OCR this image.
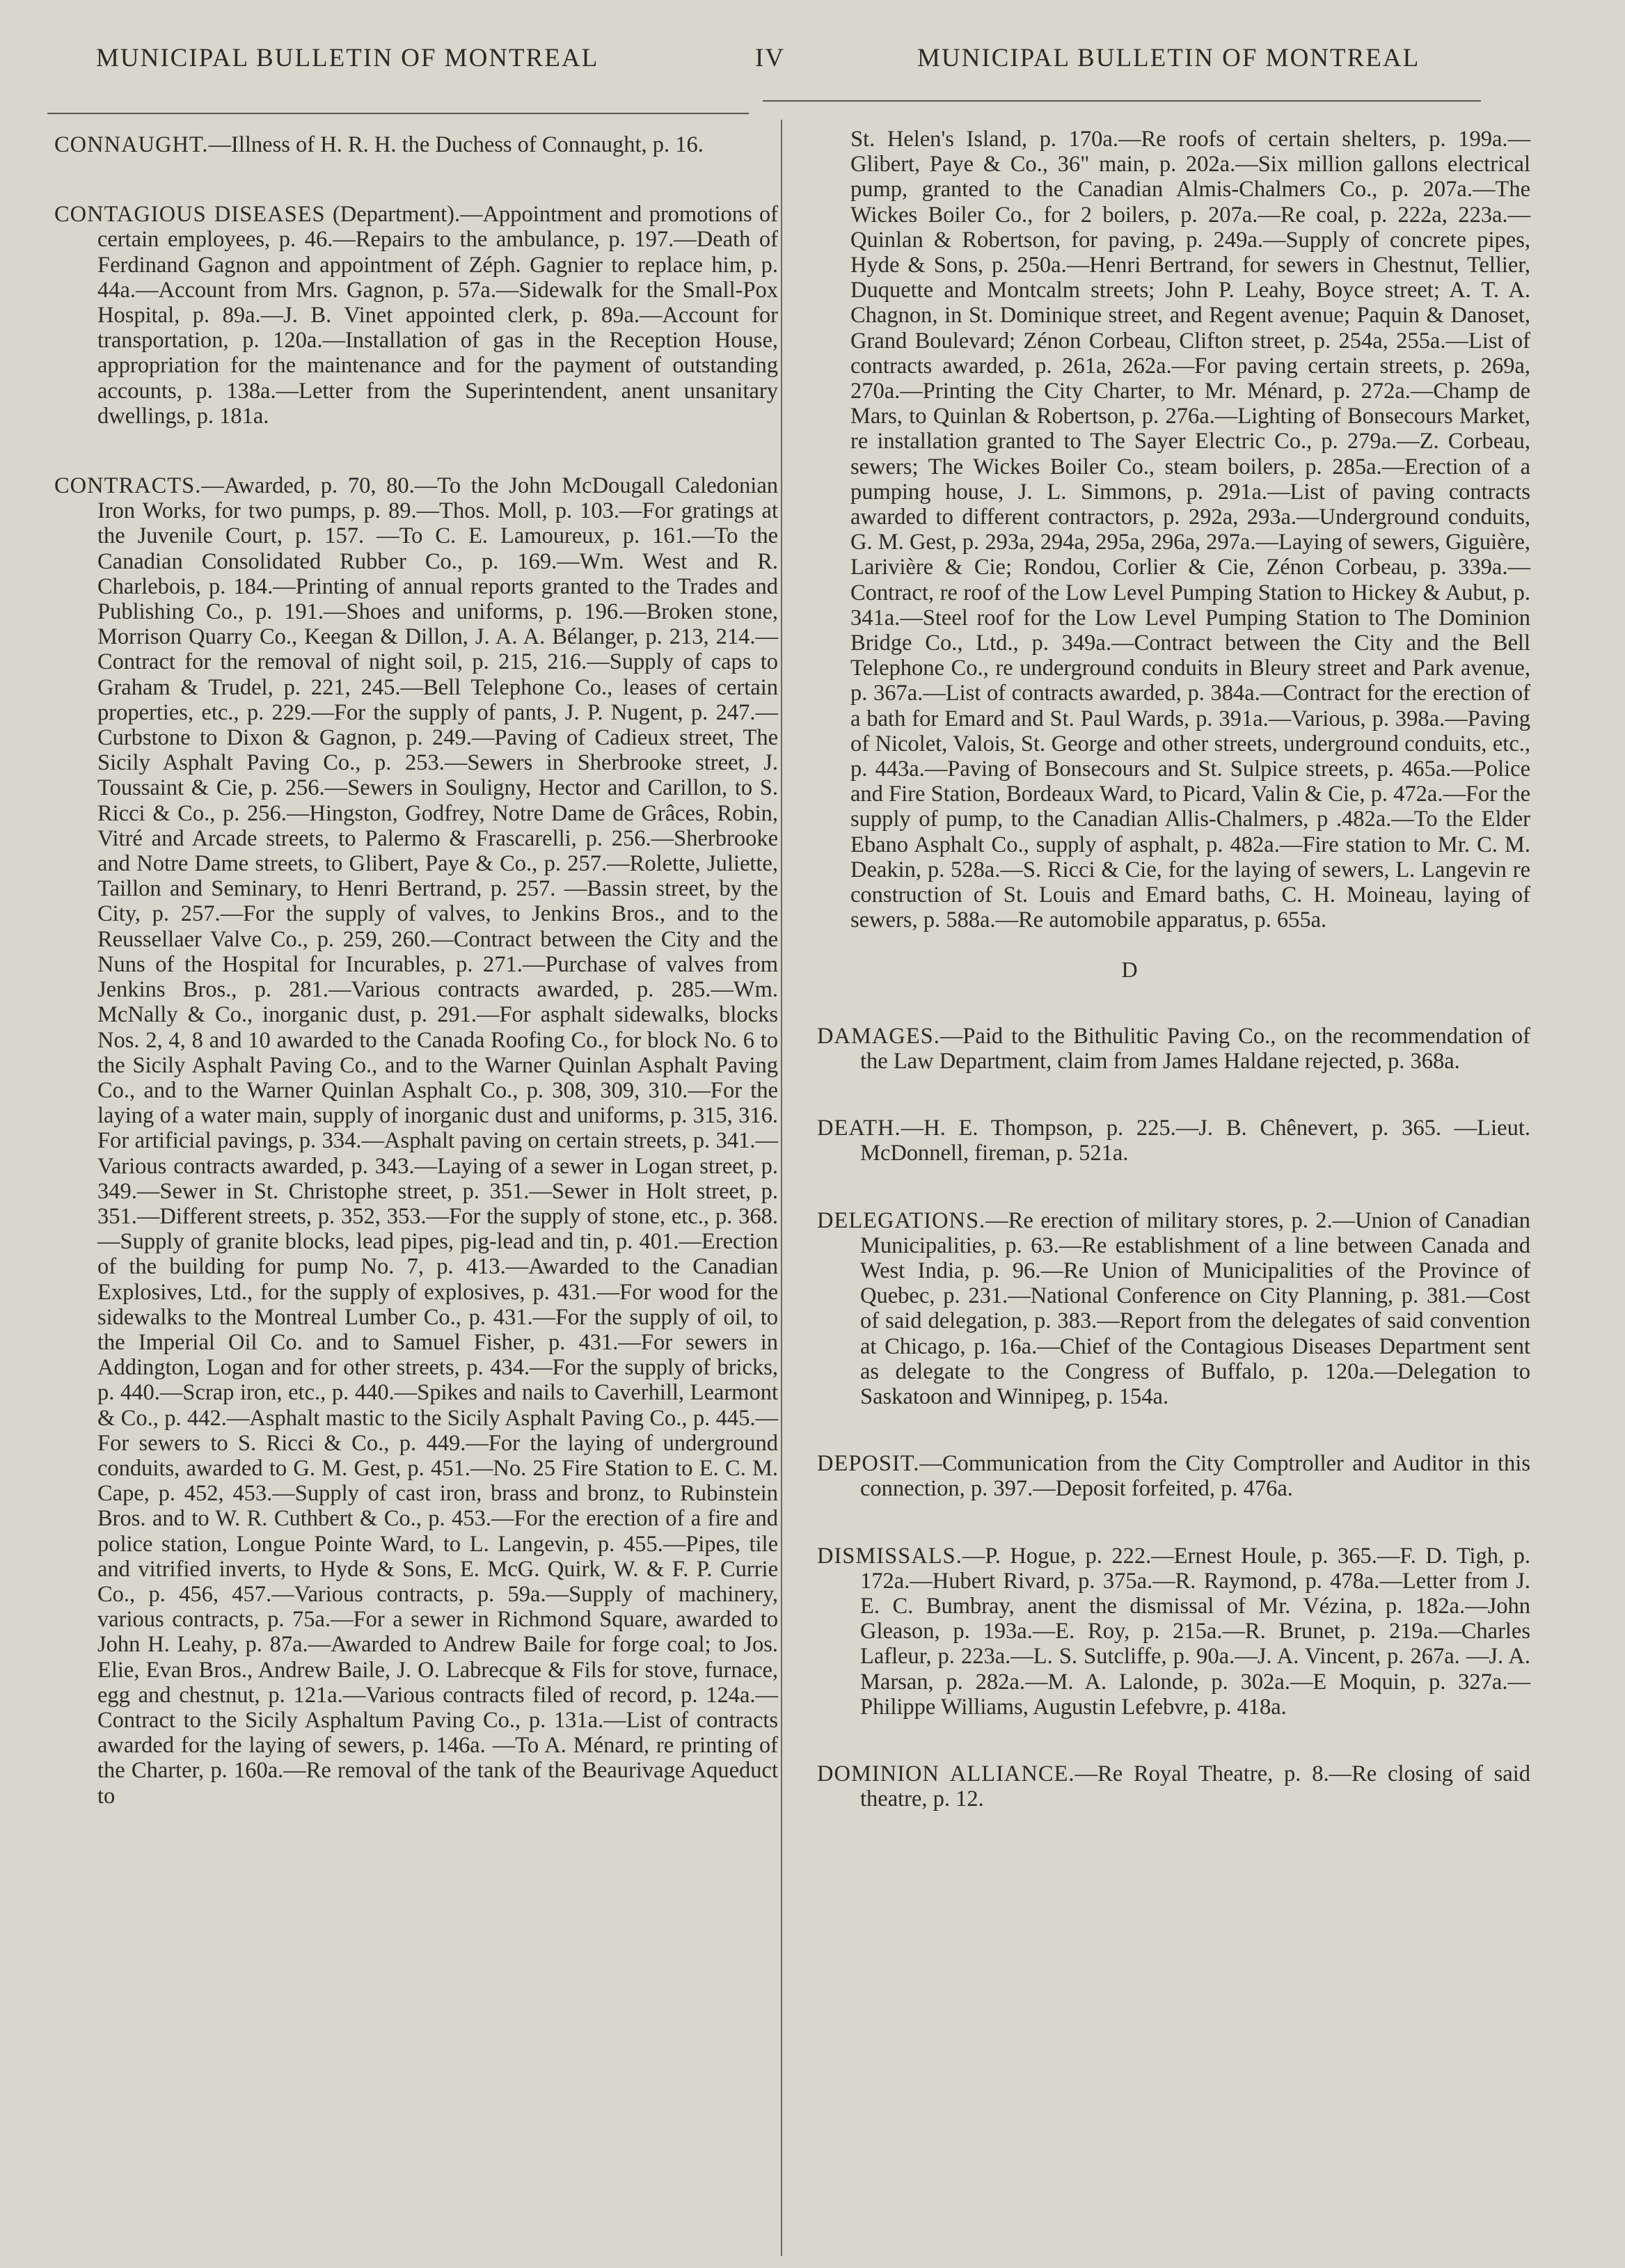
MUNICIPAL BULLETIN OF MONTREAL	IV	MUNICIPAL BULLETIN OF MONTREAL

CONNAUGHT.—Illness of H. R. H. the Duchess of Connaught, p. 16.

CONTAGIOUS DISEASES (Department).—Appointment and promotions of certain employees, p. 46.—Repairs to the ambulance, p. 197.—Death of Ferdinand Gagnon and appointment of Zéph. Gagnier to replace him, p. 44a.—Account from Mrs. Gagnon, p. 57a.—Sidewalk for the Small-Pox Hospital, p. 89a.—J. B. Vinet appointed clerk, p. 89a.—Account for transportation, p. 120a.—Installation of gas in the Reception House, appropriation for the maintenance and for the payment of outstanding accounts, p. 138a.—Letter from the Superintendent, anent unsanitary dwellings, p. 181a.

CONTRACTS.—Awarded, p. 70, 80.—To the John McDougall Caledonian Iron Works, for two pumps, p. 89.—Thos. Moll, p. 103.—For gratings at the Juvenile Court, p. 157. —To C. E. Lamoureux, p. 161.—To the Canadian Consolidated Rubber Co., p. 169.—Wm. West and R. Charlebois, p. 184.—Printing of annual reports granted to the Trades and Publishing Co., p. 191.—Shoes and uniforms, p. 196.—Broken stone, Morrison Quarry Co., Keegan & Dillon, J. A. A. Bélanger, p. 213, 214.—Contract for the removal of night soil, p. 215, 216.—Supply of caps to Graham & Trudel, p. 221, 245.—Bell Telephone Co., leases of certain properties, etc., p. 229.—For the supply of pants, J. P. Nugent, p. 247.—Curbstone to Dixon & Gagnon, p. 249.—Paving of Cadieux street, The Sicily Asphalt Paving Co., p. 253.—Sewers in Sherbrooke street, J. Toussaint & Cie, p. 256.—Sewers in Souligny, Hector and Carillon, to S. Ricci & Co., p. 256.—Hingston, Godfrey, Notre Dame de Grâces, Robin, Vitré and Arcade streets, to Palermo & Frascarelli, p. 256.—Sherbrooke and Notre Dame streets, to Glibert, Paye & Co., p. 257.—Rolette, Juliette, Taillon and Seminary, to Henri Bertrand, p. 257. —Bassin street, by the City, p. 257.—For the supply of valves, to Jenkins Bros., and to the Reussellaer Valve Co., p. 259, 260.—Contract between the City and the Nuns of the Hospital for Incurables, p. 271.—Purchase of valves from Jenkins Bros., p. 281.—Various contracts awarded, p. 285.—Wm. McNally & Co., inorganic dust, p. 291.—For asphalt sidewalks, blocks Nos. 2, 4, 8 and 10 awarded to the Canada Roofing Co., for block No. 6 to the Sicily Asphalt Paving Co., and to the Warner Quinlan Asphalt Paving Co., and to the Warner Quinlan Asphalt Co., p. 308, 309, 310.—For the laying of a water main, supply of inorganic dust and uniforms, p. 315, 316. For artificial pavings, p. 334.—Asphalt paving on certain streets, p. 341.—Various contracts awarded, p. 343.—Laying of a sewer in Logan street, p. 349.—Sewer in St. Christophe street, p. 351.—Sewer in Holt street, p. 351.—Different streets, p. 352, 353.—For the supply of stone, etc., p. 368.—Supply of granite blocks, lead pipes, pig-lead and tin, p. 401.—Erection of the building for pump No. 7, p. 413.—Awarded to the Canadian Explosives, Ltd., for the supply of explosives, p. 431.—For wood for the sidewalks to the Montreal Lumber Co., p. 431.—For the supply of oil, to the Imperial Oil Co. and to Samuel Fisher, p. 431.—For sewers in Addington, Logan and for other streets, p. 434.—For the supply of bricks, p. 440.—Scrap iron, etc., p. 440.—Spikes and nails to Caverhill, Learmont & Co., p. 442.—Asphalt mastic to the Sicily Asphalt Paving Co., p. 445.—For sewers to S. Ricci & Co., p. 449.—For the laying of underground conduits, awarded to G. M. Gest, p. 451.—No. 25 Fire Station to E. C. M. Cape, p. 452, 453.—Supply of cast iron, brass and bronz, to Rubinstein Bros. and to W. R. Cuthbert & Co., p. 453.—For the erection of a fire and police station, Longue Pointe Ward, to L. Langevin, p. 455.—Pipes, tile and vitrified inverts, to Hyde & Sons, E. McG. Quirk, W. & F. P. Currie Co., p. 456, 457.—Various contracts, p. 59a.—Supply of machinery, various contracts, p. 75a.—For a sewer in Richmond Square, awarded to John H. Leahy, p. 87a.—Awarded to Andrew Baile for forge coal; to Jos. Elie, Evan Bros., Andrew Baile, J. O. Labrecque & Fils for stove, furnace, egg and chestnut, p. 121a.—Various contracts filed of record, p. 124a.—Contract to the Sicily Asphaltum Paving Co., p. 131a.—List of contracts awarded for the laying of sewers, p. 146a. —To A. Ménard, re printing of the Charter, p. 160a.—Re removal of the tank of the Beaurivage Aqueduct to

St. Helen's Island, p. 170a.—Re roofs of certain shelters, p. 199a.—Glibert, Paye & Co., 36" main, p. 202a.—Six million gallons electrical pump, granted to the Canadian Almis-Chalmers Co., p. 207a.—The Wickes Boiler Co., for 2 boilers, p. 207a.—Re coal, p. 222a, 223a.—Quinlan & Robertson, for paving, p. 249a.—Supply of concrete pipes, Hyde & Sons, p. 250a.—Henri Bertrand, for sewers in Chestnut, Tellier, Duquette and Montcalm streets; John P. Leahy, Boyce street; A. T. A. Chagnon, in St. Dominique street, and Regent avenue; Paquin & Danoset, Grand Boulevard; Zénon Corbeau, Clifton street, p. 254a, 255a.—List of contracts awarded, p. 261a, 262a.—For paving certain streets, p. 269a, 270a.—Printing the City Charter, to Mr. Ménard, p. 272a.—Champ de Mars, to Quinlan & Robertson, p. 276a.—Lighting of Bonsecours Market, re installation granted to The Sayer Electric Co., p. 279a.—Z. Corbeau, sewers; The Wickes Boiler Co., steam boilers, p. 285a.—Erection of a pumping house, J. L. Simmons, p. 291a.—List of paving contracts awarded to different contractors, p. 292a, 293a.—Underground conduits, G. M. Gest, p. 293a, 294a, 295a, 296a, 297a.—Laying of sewers, Giguière, Larivière & Cie; Rondou, Corlier & Cie, Zénon Corbeau, p. 339a.—Contract, re roof of the Low Level Pumping Station to Hickey & Aubut, p. 341a.—Steel roof for the Low Level Pumping Station to The Dominion Bridge Co., Ltd., p. 349a.—Contract between the City and the Bell Telephone Co., re underground conduits in Bleury street and Park avenue, p. 367a.—List of contracts awarded, p. 384a.—Contract for the erection of a bath for Emard and St. Paul Wards, p. 391a.—Various, p. 398a.—Paving of Nicolet, Valois, St. George and other streets, underground conduits, etc., p. 443a.—Paving of Bonsecours and St. Sulpice streets, p. 465a.—Police and Fire Station, Bordeaux Ward, to Picard, Valin & Cie, p. 472a.—For the supply of pump, to the Canadian Allis-Chalmers, p .482a.—To the Elder Ebano Asphalt Co., supply of asphalt, p. 482a.—Fire station to Mr. C. M. Deakin, p. 528a.—S. Ricci & Cie, for the laying of sewers, L. Langevin re construction of St. Louis and Emard baths, C. H. Moineau, laying of sewers, p. 588a.—Re automobile apparatus, p. 655a.

D

DAMAGES.—Paid to the Bithulitic Paving Co., on the recommendation of the Law Department, claim from James Haldane rejected, p. 368a.

DEATH.—H. E. Thompson, p. 225.—J. B. Chênevert, p. 365. —Lieut. McDonnell, fireman, p. 521a.

DELEGATIONS.—Re erection of military stores, p. 2.—Union of Canadian Municipalities, p. 63.—Re establishment of a line between Canada and West India, p. 96.—Re Union of Municipalities of the Province of Quebec, p. 231.—National Conference on City Planning, p. 381.—Cost of said delegation, p. 383.—Report from the delegates of said convention at Chicago, p. 16a.—Chief of the Contagious Diseases Department sent as delegate to the Congress of Buffalo, p. 120a.—Delegation to Saskatoon and Winnipeg, p. 154a.

DEPOSIT.—Communication from the City Comptroller and Auditor in this connection, p. 397.—Deposit forfeited, p. 476a.

DISMISSALS.—P. Hogue, p. 222.—Ernest Houle, p. 365.—F. D. Tigh, p. 172a.—Hubert Rivard, p. 375a.—R. Raymond, p. 478a.—Letter from J. E. C. Bumbray, anent the dismissal of Mr. Vézina, p. 182a.—John Gleason, p. 193a.—E. Roy, p. 215a.—R. Brunet, p. 219a.—Charles Lafleur, p. 223a.—L. S. Sutcliffe, p. 90a.—J. A. Vincent, p. 267a. —J. A. Marsan, p. 282a.—M. A. Lalonde, p. 302a.—E Moquin, p. 327a.—Philippe Williams, Augustin Lefebvre, p. 418a.

DOMINION ALLIANCE.—Re Royal Theatre, p. 8.—Re closing of said theatre, p. 12.
